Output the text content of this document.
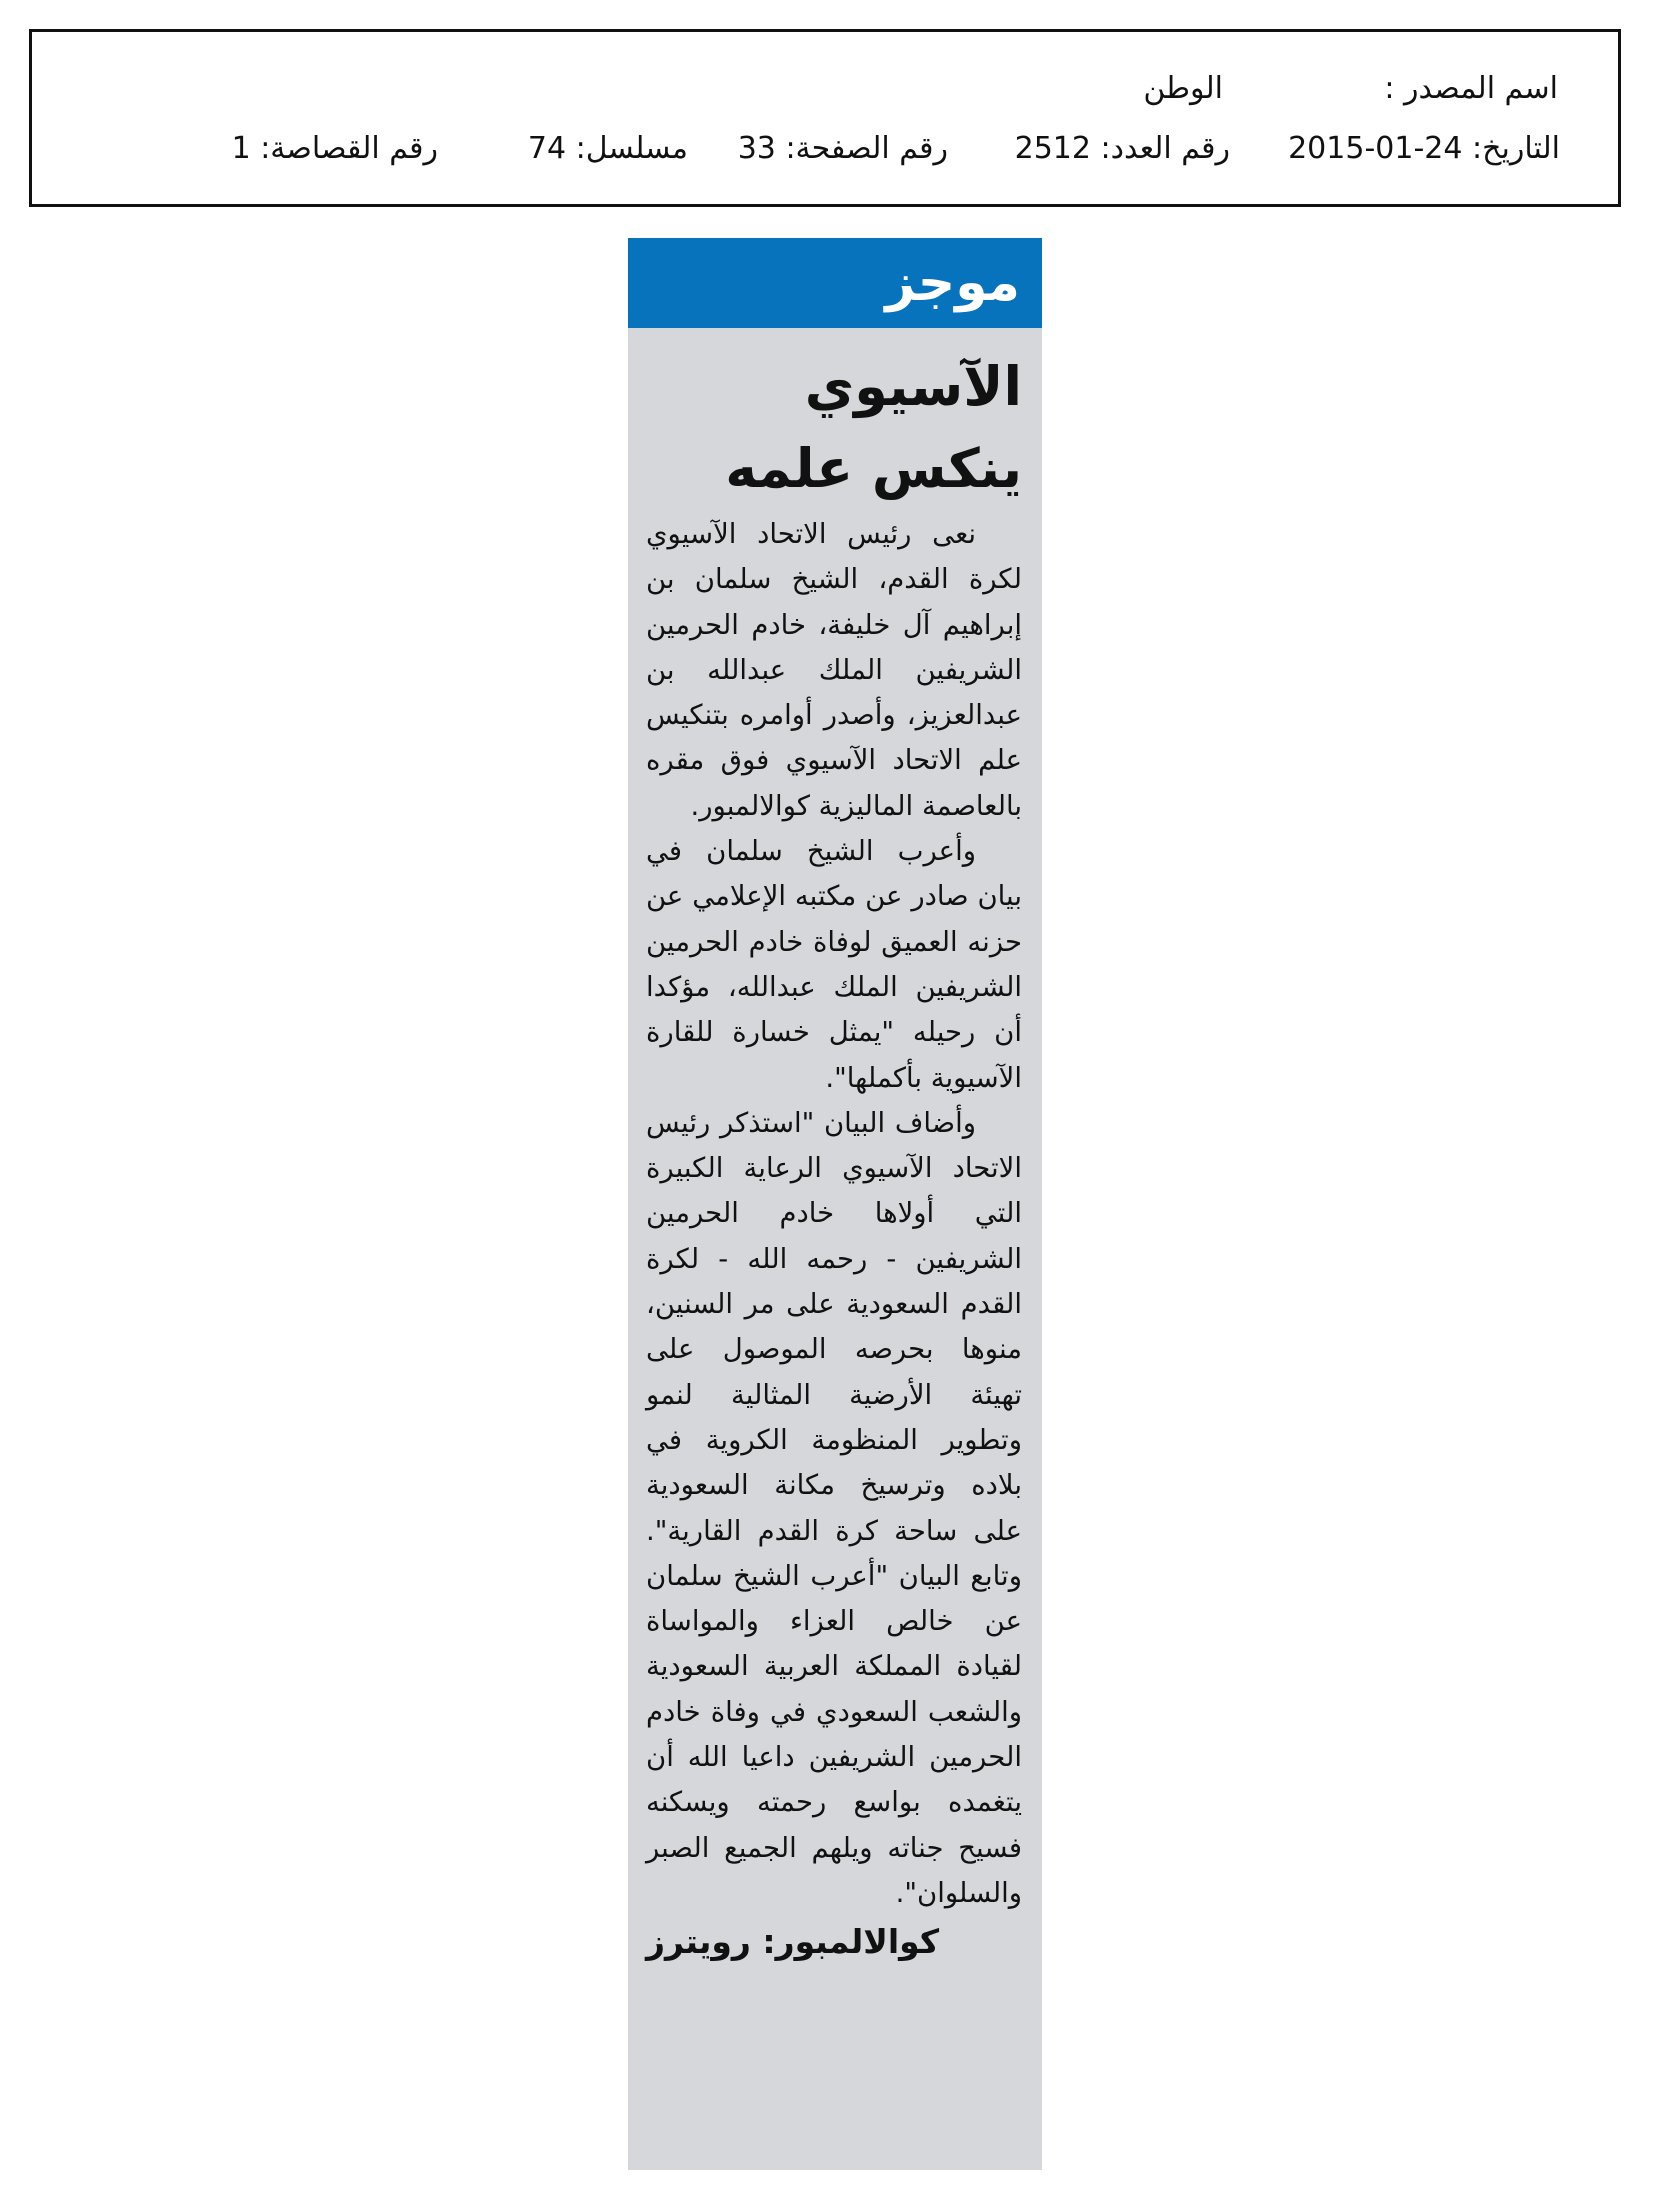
اسم المصدر :
الوطن
التاريخ: 24-01-2015
رقم العدد: 2512
رقم الصفحة: 33
مسلسل: 74
رقم القصاصة: 1
موجز
الآسيوي ينكس علمه

نعى رئيس الاتحاد الآسيوي لكرة القدم، الشيخ سلمان بن إبراهيم آل خليفة، خادم الحرمين الشريفين الملك عبدالله بن عبدالعزيز، وأصدر أوامره بتنكيس علم الاتحاد الآسيوي فوق مقره بالعاصمة الماليزية كوالالمبور.

وأعرب الشيخ سلمان في بيان صادر عن مكتبه الإعلامي عن حزنه العميق لوفاة خادم الحرمين الشريفين الملك عبدالله، مؤكدا أن رحيله "يمثل خسارة للقارة الآسيوية بأكملها".

وأضاف البيان "استذكر رئيس الاتحاد الآسيوي الرعاية الكبيرة التي أولاها خادم الحرمين الشريفين - رحمه الله - لكرة القدم السعودية على مر السنين، منوها بحرصه الموصول على تهيئة الأرضية المثالية لنمو وتطوير المنظومة الكروية في بلاده وترسيخ مكانة السعودية على ساحة كرة القدم القارية". وتابع البيان "أعرب الشيخ سلمان عن خالص العزاء والمواساة لقيادة المملكة العربية السعودية والشعب السعودي في وفاة خادم الحرمين الشريفين داعيا الله أن يتغمده بواسع رحمته ويسكنه فسيح جناته ويلهم الجميع الصبر والسلوان".

كوالالمبور: رويترز
